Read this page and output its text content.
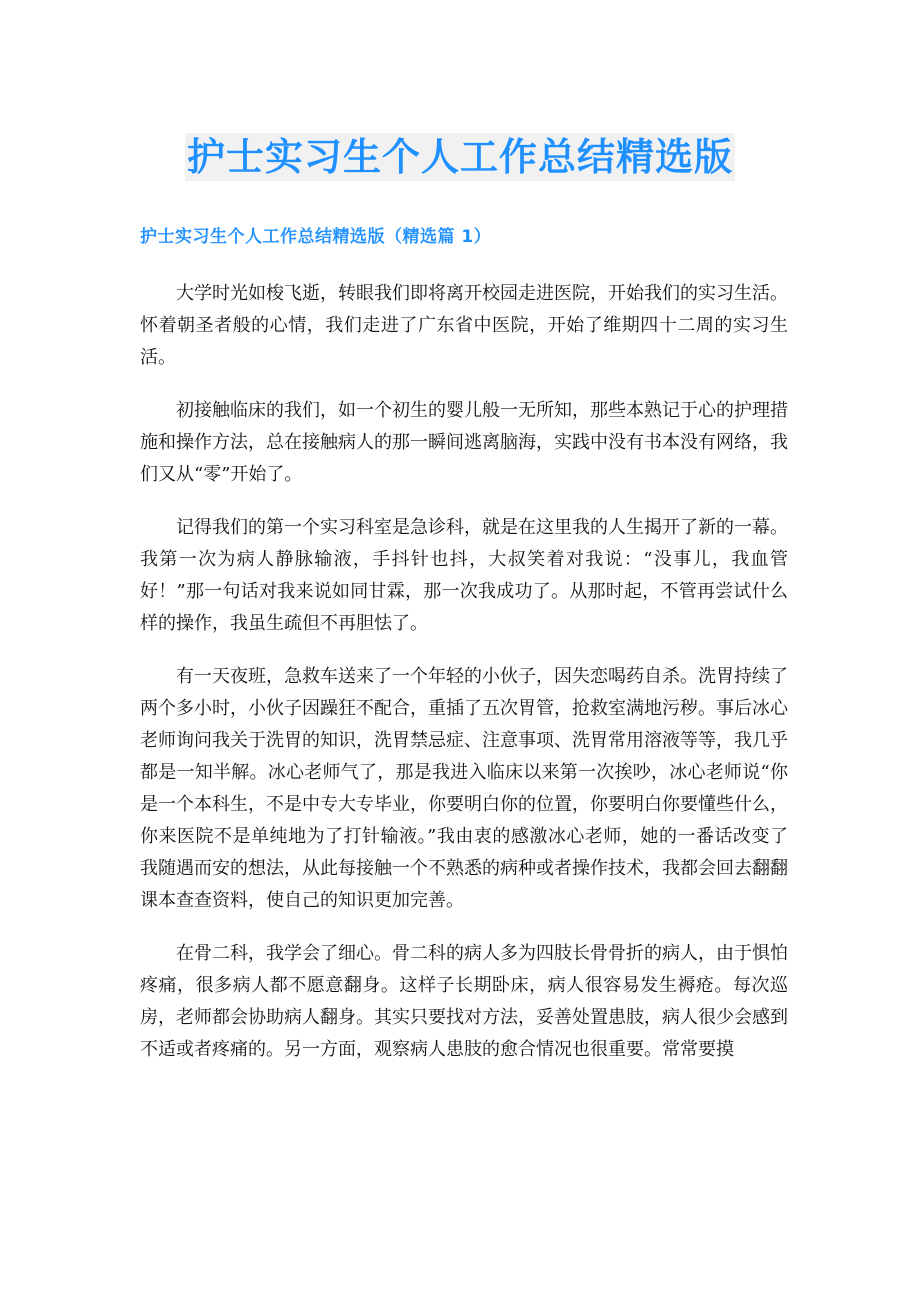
护士实习生个人工作总结精选版
护士实习生个人工作总结精选版（精选篇 1）

大学时光如梭飞逝，转眼我们即将离开校园走进医院，开始我们的实习生活。怀着朝圣者般的心情，我们走进了广东省中医院，开始了维期四十二周的实习生活。

初接触临床的我们，如一个初生的婴儿般一无所知，那些本熟记于心的护理措施和操作方法，总在接触病人的那一瞬间逃离脑海，实践中没有书本没有网络，我们又从“零”开始了。

记得我们的第一个实习科室是急诊科，就是在这里我的人生揭开了新的一幕。我第一次为病人静脉输液，手抖针也抖，大叔笑着对我说：“没事儿，我血管好！”那一句话对我来说如同甘霖，那一次我成功了。从那时起，不管再尝试什么样的操作，我虽生疏但不再胆怯了。

有一天夜班，急救车送来了一个年轻的小伙子，因失恋喝药自杀。洗胃持续了两个多小时，小伙子因躁狂不配合，重插了五次胃管，抢救室满地污秽。事后冰心老师询问我关于洗胃的知识，洗胃禁忌症、注意事项、洗胃常用溶液等等，我几乎都是一知半解。冰心老师气了，那是我进入临床以来第一次挨吵，冰心老师说“你是一个本科生，不是中专大专毕业，你要明白你的位置，你要明白你要懂些什么，你来医院不是单纯地为了打针输液。”我由衷的感激冰心老师，她的一番话改变了我随遇而安的想法，从此每接触一个不熟悉的病种或者操作技术，我都会回去翻翻课本查查资料，使自己的知识更加完善。

在骨二科，我学会了细心。骨二科的病人多为四肢长骨骨折的病人，由于惧怕疼痛，很多病人都不愿意翻身。这样子长期卧床，病人很容易发生褥疮。每次巡房，老师都会协助病人翻身。其实只要找对方法，妥善处置患肢，病人很少会感到不适或者疼痛的。另一方面，观察病人患肢的愈合情况也很重要。常常要摸
